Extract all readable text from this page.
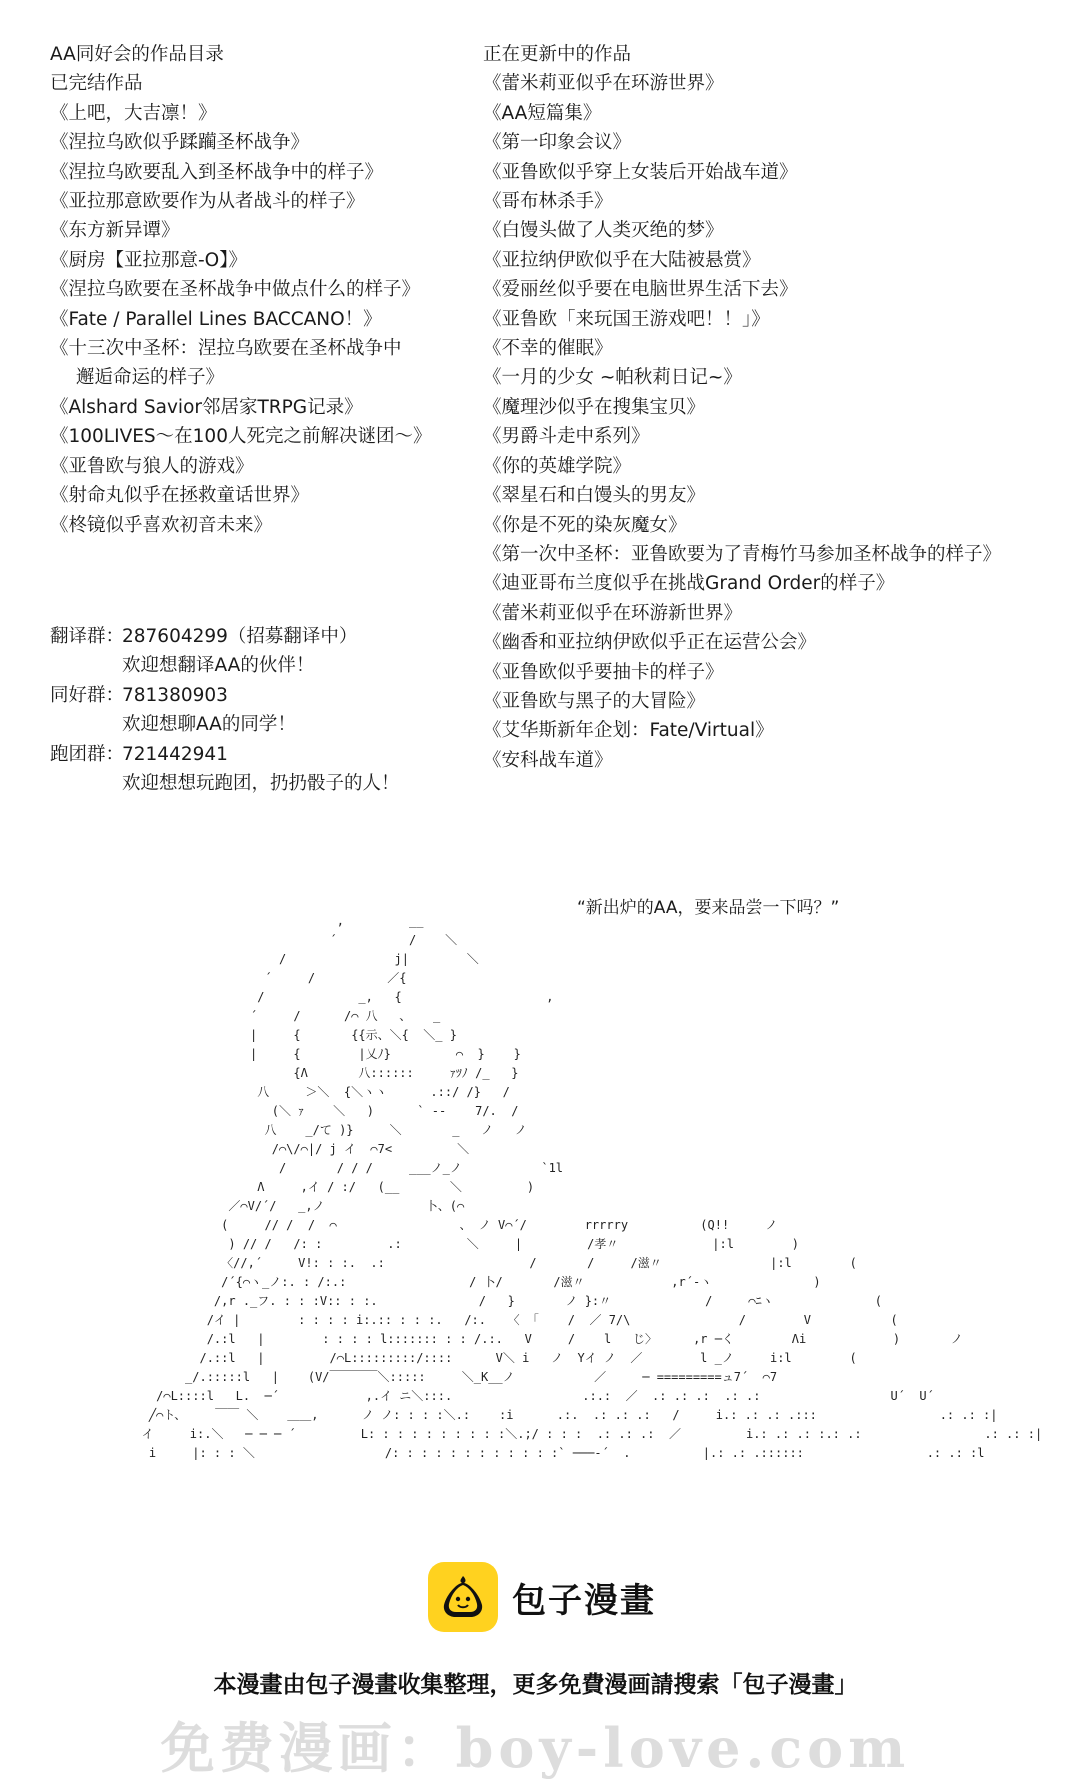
AA同好会的作品目录
已完结作品
《上吧，大吉凛！》
《涅拉乌欧似乎蹂躏圣杯战争》
《涅拉乌欧要乱入到圣杯战争中的样子》
《亚拉那意欧要作为从者战斗的样子》
《东方新异谭》
《厨房【亚拉那意-O】》
《涅拉乌欧要在圣杯战争中做点什么的样子》
《Fate / Parallel Lines BACCANO！》
《十三次中圣杯：涅拉乌欧要在圣杯战争中
邂逅命运的样子》
《Alshard Savior邻居家TRPG记录》
《100LIVES～在100人死完之前解决谜团～》
《亚鲁欧与狼人的游戏》
《射命丸似乎在拯救童话世界》
《柊镜似乎喜欢初音未来》
正在更新中的作品
《蕾米莉亚似乎在环游世界》
《AA短篇集》
《第一印象会议》
《亚鲁欧似乎穿上女装后开始战车道》
《哥布林杀手》
《白馒头做了人类灭绝的梦》
《亚拉纳伊欧似乎在大陆被悬赏》
《爱丽丝似乎要在电脑世界生活下去》
《亚鲁欧「来玩国王游戏吧！！」》
《不幸的催眠》
《一月的少女 ~帕秋莉日记~》
《魔理沙似乎在搜集宝贝》
《男爵斗走中系列》
《你的英雄学院》
《翠星石和白馒头的男友》
《你是不死的染灰魔女》
《第一次中圣杯：亚鲁欧要为了青梅竹马参加圣杯战争的样子》
《迪亚哥布兰度似乎在挑战Grand Order的样子》
《蕾米莉亚似乎在环游新世界》
《幽香和亚拉纳伊欧似乎正在运营公会》
《亚鲁欧似乎要抽卡的样子》
《亚鲁欧与黑子的大冒险》
《艾华斯新年企划：Fate/Virtual》
《安科战车道》
翻译群：287604299（招募翻译中）
欢迎想翻译AA的伙伴！
同好群：781380903
欢迎想聊AA的同学！
跑团群：721442941
欢迎想想玩跑团，扔扔骰子的人！
“新出炉的AA，要来品尝一下吗？”
,         __
´          /    ＼
/               j|        ＼
´     /          ／{
/             _,   {                    ,
´     /      /⌒ 八   、   _
|     {       {{示、＼{  ＼_ }
|     {        |乂ﾉ}         ⌒  }    }
{Λ       八::::::     ｧﾂﾉ /_   }
八     ＞＼  {＼ヽヽ      .::/ /}   /
(＼ ｧ    ＼   )      ` ‐-    7/.  /
八    _/て )}     ＼       _   ノ   ノ
/⌒\/⌒|/ j イ  ⌒7<         ＼
/       / / /     ___ノ_ノ           `1l
Λ     ,イ / :/   (__       ＼         )
／⌒V/´/   _,ノ              卜、(⌒
(     // /  /  ⌒                 、 ノ V⌒´/        rrrrry          (Q!!     ノ
) // /   /: :         .:         ＼     |         /孝〃             |:l        )
〈//,´     V!: : :.  .:                    /       /     /滋〃               |:l        (
/´{⌒ヽ_ノ:. : /:.:                 / 卜/       /滋〃            ,r´-ヽ              )
/,r ._フ. : : :V:: : :.              /   }       ノ }:〃             /     ⌒ﾆヽ              (
/イ |        : : : : i:.:: : : :.   /:.   〈 「    /  ／ 7/\               /        V           (
/.:l   |        : : : : l::::::: : : /.:.   V     /    l   じ〉     ,r ─く        Λi            )       ノ
/.::l   |         /⌒L:::::::::/::::      V＼ i   ノ  Yイ ノ  ／        l _ノ     i:l        (
_/.:::::l   |    (V/￣￣￣￣＼:::::     ＼_K__ノ           ／     ─ =========ュ7´  ⌒7
/⌒L::::l   L.  ─´            ,.イ ニ＼:::.                  .:.:  ／  .: .: .:  .: .:                  U´  U´
╱⌒ト、    ￣￣ ＼    ＿＿,      ノ ノ: : : :＼.:    :i      .:.  .: .: .:   /     i.: .: .: .:::                 .: .: :|
イ     i:.＼   ─ ─ ─ ´         L: : : : : : : : : :＼.;/ : : :  .: .: .:  ／         i.: .: .: :.: .:                 .: .: :|
i     |: : : ＼                  /: : : : : : : : : : : :` ───‐´  .          |.: .: .::::::                 .: .: :l
包子漫畫
本漫畫由包子漫畫收集整理，更多免費漫画請搜索「包子漫畫」
免费漫画：boy-love.com
